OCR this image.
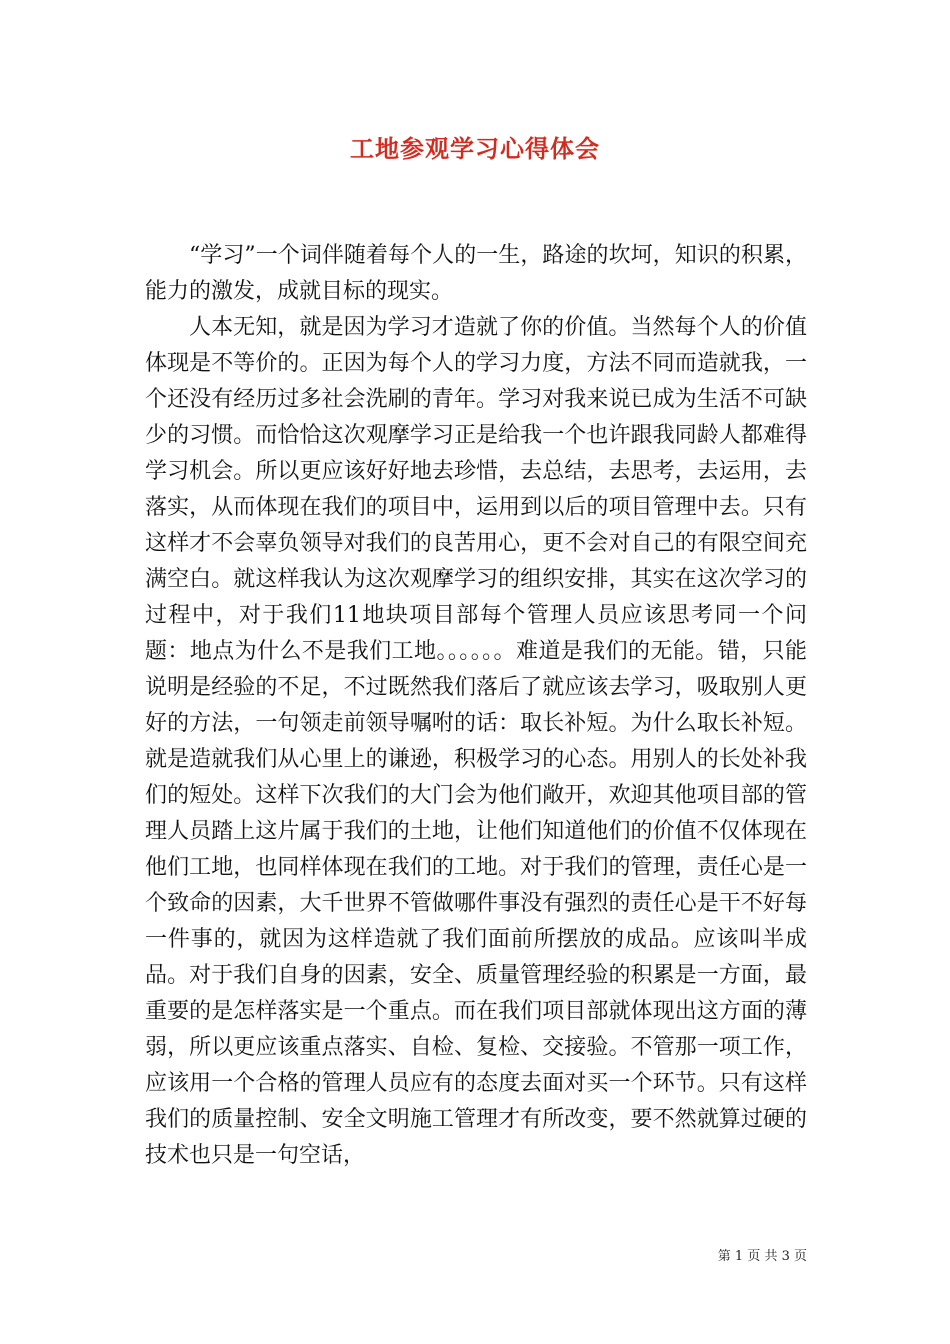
工地参观学习心得体会

“学习”一个词伴随着每个人的一生，路途的坎坷，知识的积累，能力的激发，成就目标的现实。

人本无知，就是因为学习才造就了你的价值。当然每个人的价值体现是不等价的。正因为每个人的学习力度，方法不同而造就我，一个还没有经历过多社会洗刷的青年。学习对我来说已成为生活不可缺少的习惯。而恰恰这次观摩学习正是给我一个也许跟我同龄人都难得学习机会。所以更应该好好地去珍惜，去总结，去思考，去运用，去落实，从而体现在我们的项目中，运用到以后的项目管理中去。只有这样才不会辜负领导对我们的良苦用心，更不会对自己的有限空间充满空白。就这样我认为这次观摩学习的组织安排，其实在这次学习的过程中，对于我们11地块项目部每个管理人员应该思考同一个问题：地点为什么不是我们工地。。。。。。难道是我们的无能。错，只能说明是经验的不足，不过既然我们落后了就应该去学习，吸取别人更好的方法，一句领走前领导嘱咐的话：取长补短。为什么取长补短。就是造就我们从心里上的谦逊，积极学习的心态。用别人的长处补我们的短处。这样下次我们的大门会为他们敞开，欢迎其他项目部的管理人员踏上这片属于我们的土地，让他们知道他们的价值不仅体现在他们工地，也同样体现在我们的工地。对于我们的管理，责任心是一个致命的因素，大千世界不管做哪件事没有强烈的责任心是干不好每一件事的，就因为这样造就了我们面前所摆放的成品。应该叫半成品。对于我们自身的因素，安全、质量管理经验的积累是一方面，最重要的是怎样落实是一个重点。而在我们项目部就体现出这方面的薄弱，所以更应该重点落实、自检、复检、交接验。不管那一项工作，应该用一个合格的管理人员应有的态度去面对买一个环节。只有这样我们的质量控制、安全文明施工管理才有所改变，要不然就算过硬的技术也只是一句空话，

第 1 页 共 3 页
